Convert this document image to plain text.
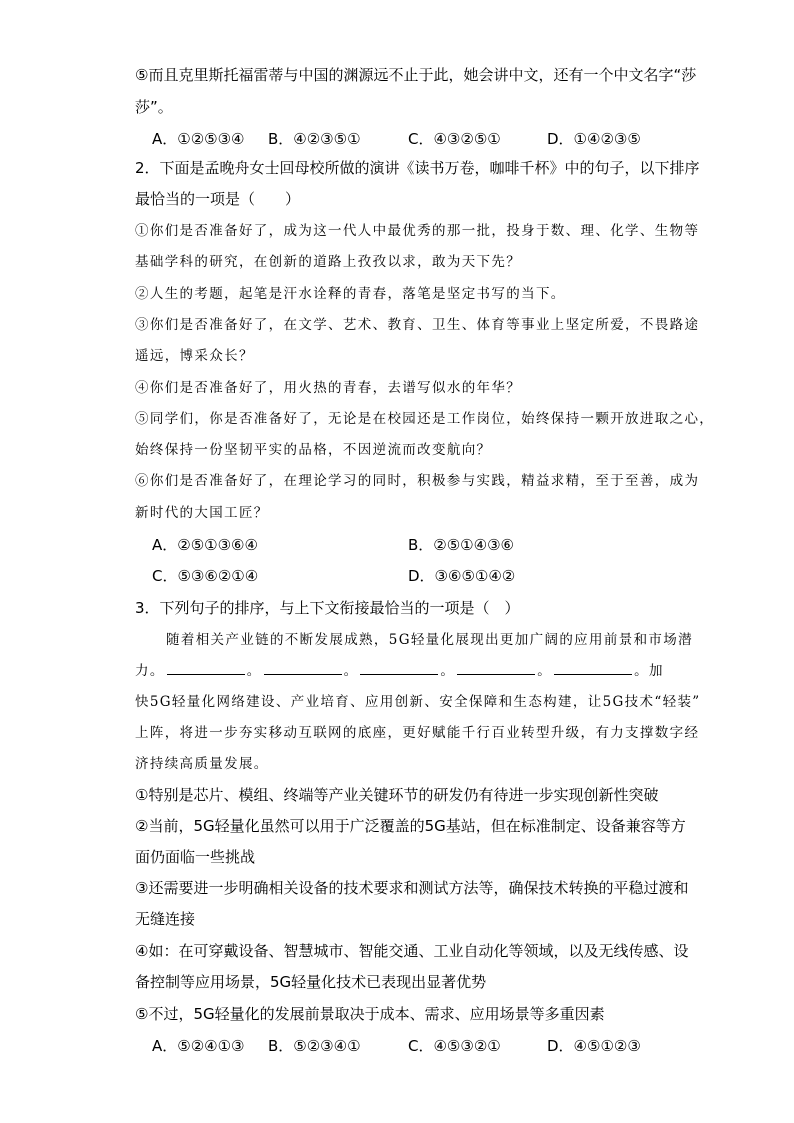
⑤而且克里斯托福雷蒂与中国的渊源远不止于此，她会讲中文，还有一个中文名字“莎
莎”。
A．①②⑤③④ B．④②③⑤①	C．④③②⑤①	D．①④②③⑤
2．下面是孟晚舟女士回母校所做的演讲《读书万卷，咖啡千杯》中的句子，以下排序
最恰当的一项是（　　）
①你们是否准备好了，成为这一代人中最优秀的那一批，投身于数、理、化学、生物等
基础学科的研究，在创新的道路上孜孜以求，敢为天下先？
②人生的考题，起笔是汗水诠释的青春，落笔是坚定书写的当下。
③你们是否准备好了，在文学、艺术、教育、卫生、体育等事业上坚定所爱，不畏路途
遥远，博采众长？
④你们是否准备好了，用火热的青春，去谱写似水的年华？
⑤同学们，你是否准备好了，无论是在校园还是工作岗位，始终保持一颗开放进取之心，
始终保持一份坚韧平实的品格，不因逆流而改变航向？
⑥你们是否准备好了，在理论学习的同时，积极参与实践，精益求精，至于至善，成为
新时代的大国工匠？
A．②⑤①③⑥④	B．②⑤①④③⑥
C．⑤③⑥②①④	D．③⑥⑤①④②
3．下列句子的排序，与上下文衔接最恰当的一项是（　）
随着相关产业链的不断发展成熟，5G轻量化展现出更加广阔的应用前景和市场潜
力。	。	。	。	。	。加
快5G轻量化网络建设、产业培育、应用创新、安全保障和生态构建，让5G技术“轻装”
上阵，将进一步夯实移动互联网的底座，更好赋能千行百业转型升级，有力支撑数字经
济持续高质量发展。
①特别是芯片、模组、终端等产业关键环节的研发仍有待进一步实现创新性突破
②当前，5G轻量化虽然可以用于广泛覆盖的5G基站，但在标准制定、设备兼容等方
面仍面临一些挑战
③还需要进一步明确相关设备的技术要求和测试方法等，确保技术转换的平稳过渡和
无缝连接
④如：在可穿戴设备、智慧城市、智能交通、工业自动化等领域，以及无线传感、设
备控制等应用场景，5G轻量化技术已表现出显著优势
⑤不过，5G轻量化的发展前景取决于成本、需求、应用场景等多重因素
A．⑤②④①③ B．⑤②③④①	C．④⑤③②①	D．④⑤①②③
